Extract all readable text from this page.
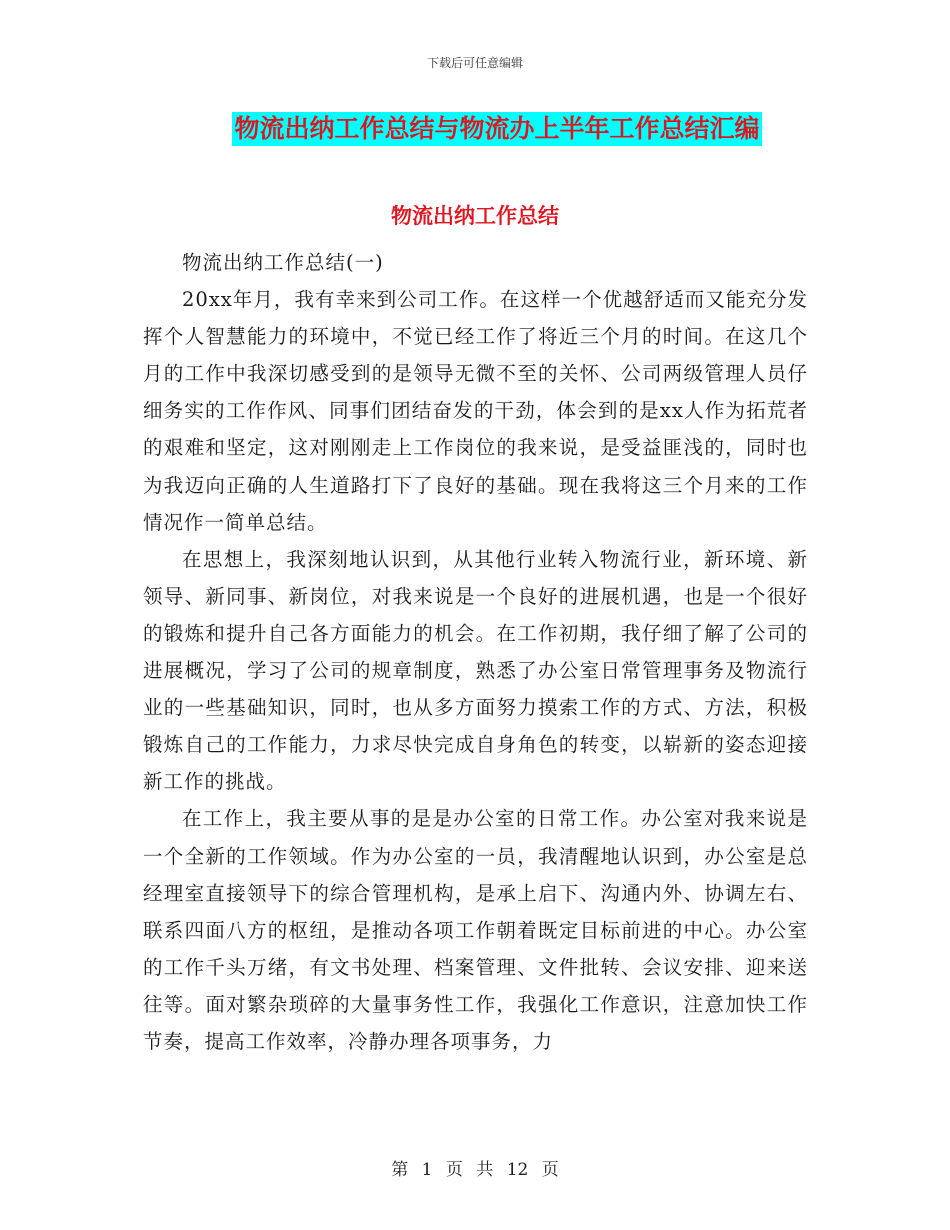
下载后可任意编辑
物流出纳工作总结与物流办上半年工作总结汇编
物流出纳工作总结

物流出纳工作总结(一)

20xx年月，我有幸来到公司工作。在这样一个优越舒适而又能充分发挥个人智慧能力的环境中，不觉已经工作了将近三个月的时间。在这几个月的工作中我深切感受到的是领导无微不至的关怀、公司两级管理人员仔细务实的工作作风、同事们团结奋发的干劲，体会到的是xx人作为拓荒者的艰难和坚定，这对刚刚走上工作岗位的我来说，是受益匪浅的，同时也为我迈向正确的人生道路打下了良好的基础。现在我将这三个月来的工作情况作一简单总结。

在思想上，我深刻地认识到，从其他行业转入物流行业，新环境、新领导、新同事、新岗位，对我来说是一个良好的进展机遇，也是一个很好的锻炼和提升自己各方面能力的机会。在工作初期，我仔细了解了公司的进展概况，学习了公司的规章制度，熟悉了办公室日常管理事务及物流行业的一些基础知识，同时，也从多方面努力摸索工作的方式、方法，积极锻炼自己的工作能力，力求尽快完成自身角色的转变，以崭新的姿态迎接新工作的挑战。

在工作上，我主要从事的是是办公室的日常工作。办公室对我来说是一个全新的工作领域。作为办公室的一员，我清醒地认识到，办公室是总经理室直接领导下的综合管理机构，是承上启下、沟通内外、协调左右、联系四面八方的枢纽，是推动各项工作朝着既定目标前进的中心。办公室的工作千头万绪，有文书处理、档案管理、文件批转、会议安排、迎来送往等。面对繁杂琐碎的大量事务性工作，我强化工作意识，注意加快工作节奏，提高工作效率，冷静办理各项事务，力

第 1 页 共 12 页
